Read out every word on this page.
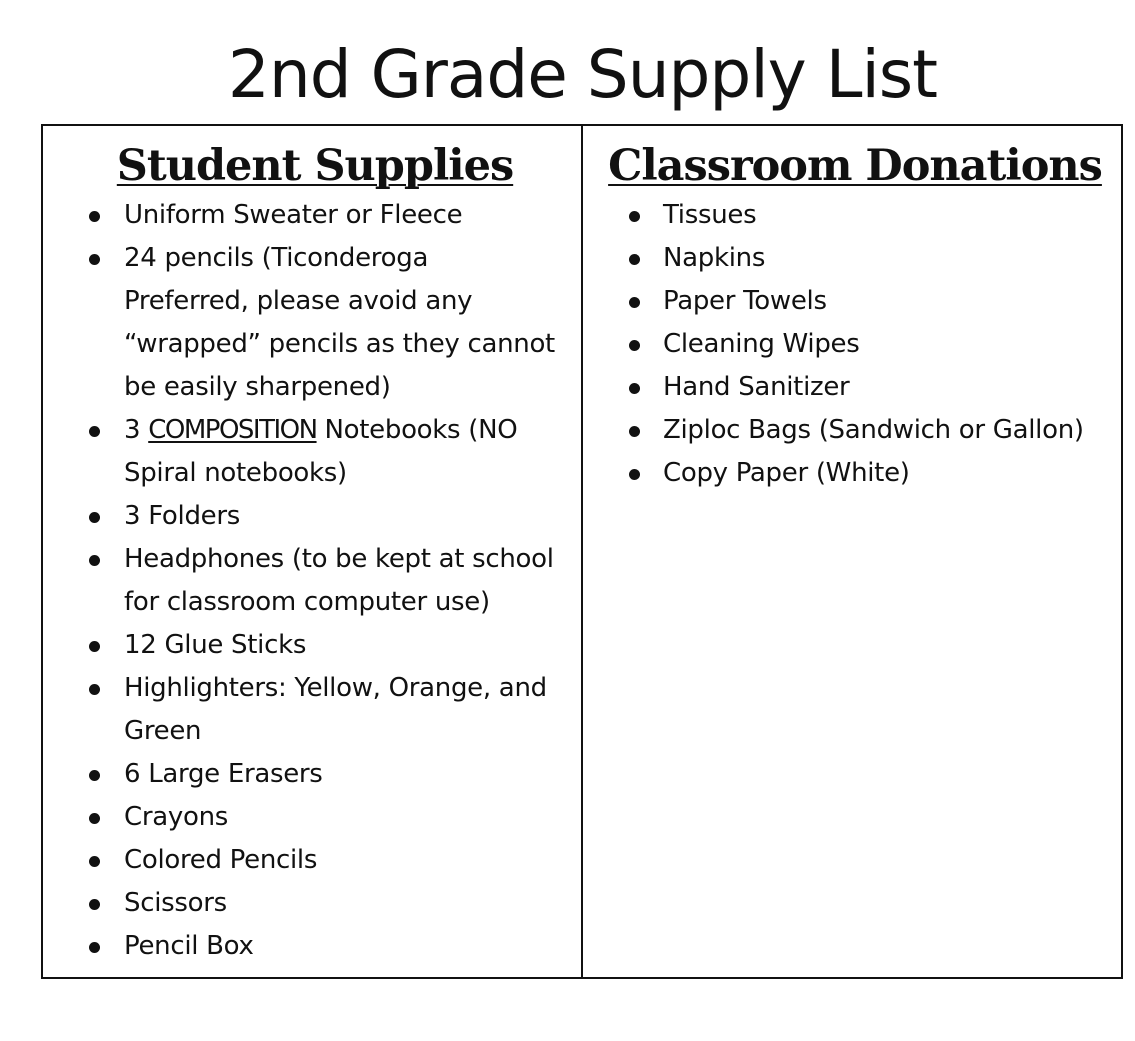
2nd Grade Supply List
Student Supplies
Uniform Sweater or Fleece
24 pencils (Ticonderoga Preferred, please avoid any “wrapped” pencils as they cannot be easily sharpened)
3 COMPOSITION Notebooks (NO Spiral notebooks)
3 Folders
Headphones (to be kept at school for classroom computer use)
12 Glue Sticks
Highlighters: Yellow, Orange, and Green
6 Large Erasers
Crayons
Colored Pencils
Scissors
Pencil Box
Classroom Donations
Tissues
Napkins
Paper Towels
Cleaning Wipes
Hand Sanitizer
Ziploc Bags (Sandwich or Gallon)
Copy Paper (White)
